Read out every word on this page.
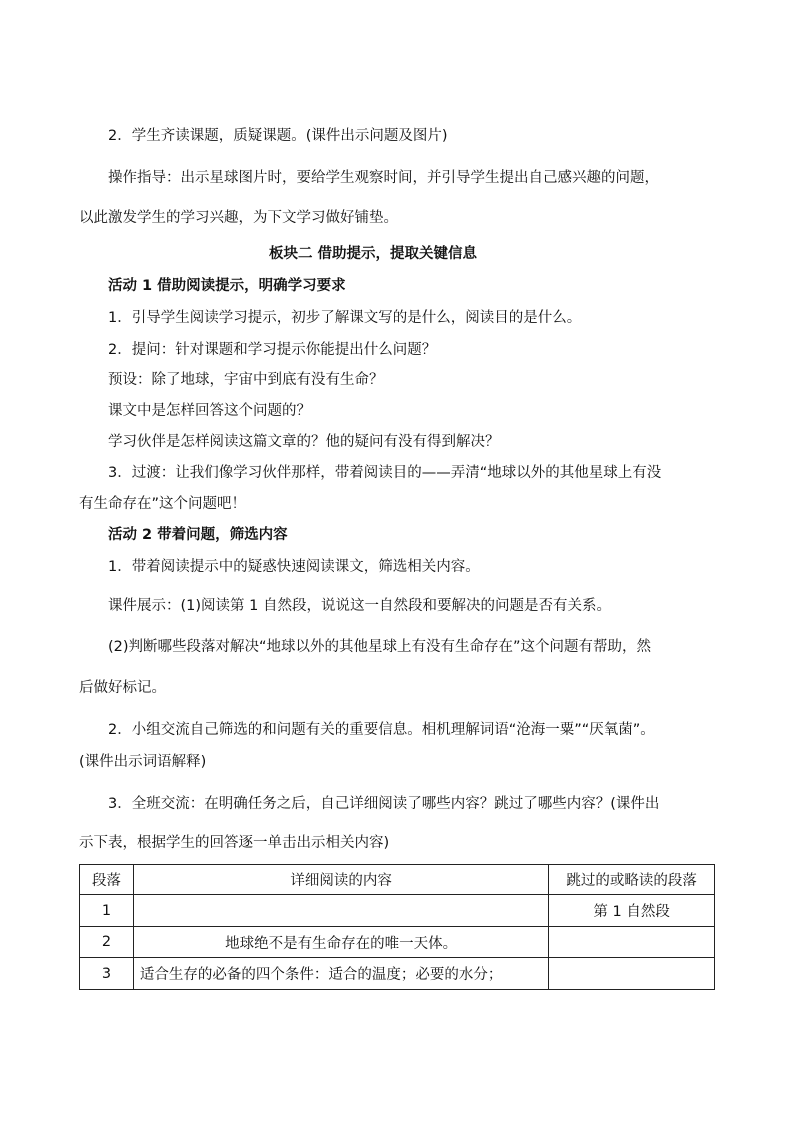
2．学生齐读课题，质疑课题。(课件出示问题及图片)
操作指导：出示星球图片时，要给学生观察时间，并引导学生提出自己感兴趣的问题，
以此激发学生的学习兴趣，为下文学习做好铺垫。
板块二 借助提示，提取关键信息
活动 1 借助阅读提示，明确学习要求
1．引导学生阅读学习提示，初步了解课文写的是什么，阅读目的是什么。
2．提问：针对课题和学习提示你能提出什么问题？
预设：除了地球，宇宙中到底有没有生命？
课文中是怎样回答这个问题的？
学习伙伴是怎样阅读这篇文章的？他的疑问有没有得到解决？
3．过渡：让我们像学习伙伴那样，带着阅读目的——弄清“地球以外的其他星球上有没
有生命存在”这个问题吧！
活动 2 带着问题，筛选内容
1．带着阅读提示中的疑惑快速阅读课文，筛选相关内容。
课件展示：(1)阅读第 1 自然段，说说这一自然段和要解决的问题是否有关系。
(2)判断哪些段落对解决“地球以外的其他星球上有没有生命存在”这个问题有帮助，然
后做好标记。
2．小组交流自己筛选的和问题有关的重要信息。相机理解词语“沧海一粟”“厌氧菌”。
(课件出示词语解释)
3．全班交流：在明确任务之后，自己详细阅读了哪些内容？跳过了哪些内容？(课件出
示下表，根据学生的回答逐一单击出示相关内容)
段落	详细阅读的内容	跳过的或略读的段落
1		第 1 自然段
2	地球绝不是有生命存在的唯一天体。	
3	适合生存的必备的四个条件：适合的温度；必要的水分；	
